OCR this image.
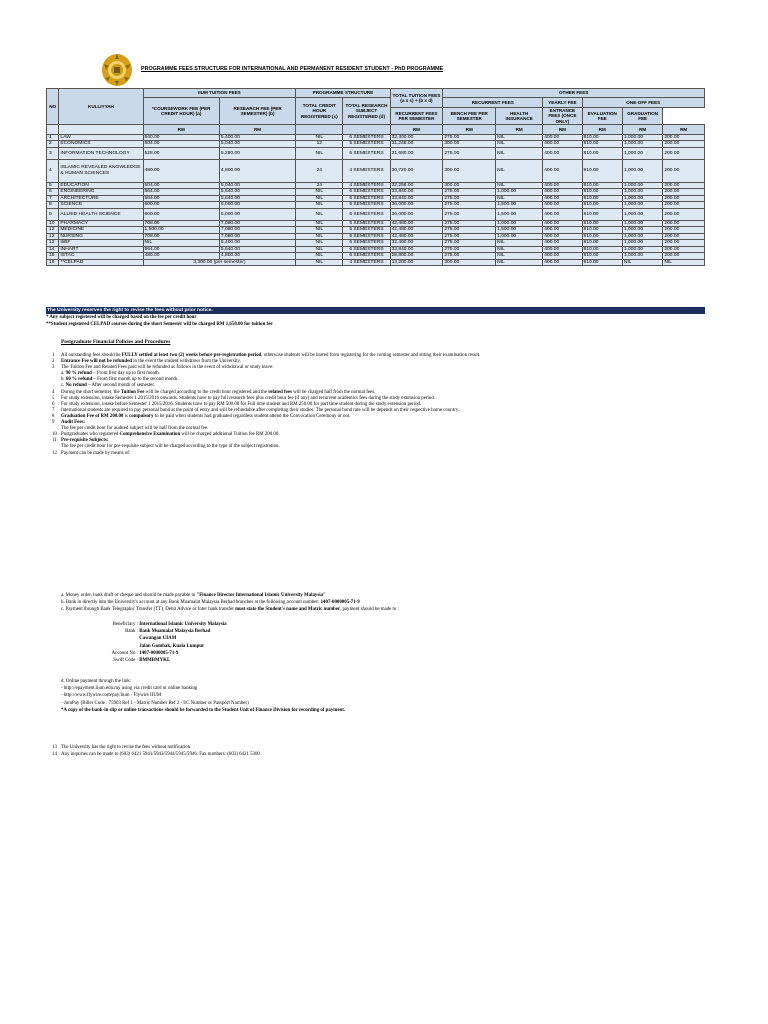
PROGRAMME FEES STRUCTURE FOR INTERNATIONAL AND PERMANENT RESIDENT STUDENT - PhD PROGRAMME
NO	KULLIYYAH	IIUM TUITION FEES		PROGRAMME STRUCTURE		TOTAL TUITION FEES (a x c) + (b x d)	OTHER FEES					
		*COURSEWORK FEE (PER CREDIT HOUR) (a)	RESEARCH FEE (PER SEMESTER) (b)	TOTAL CREDIT HOUR REGISTERED (c)	TOTAL RESEARCH SUBJECT REGISTERED (d)		RECURRENT FEES		YEARLY FEE	ONE-OFF FEES		
						RECURRENT FEES PER SEMESTER	BENCH FEE PER SEMESTER	HEALTH INSURANCE	ENTRANCE FEES (ONCE ONLY)	EVALUATION FEE	GRADUATION FEE	
		RM	RM			RM	RM	RM	RM	RM	RM	RM
1	LAW	540.00	5,400.00	NIL	6 SEMESTERS	32,400.00	275.00	NIL	400.00	810.00	1,000.00	200.00
2	ECONOMICS	504.00	5,040.00	12	5 SEMESTERS	31,248.00	300.00	NIL	400.00	810.00	1,000.00	200.00
3	INFORMATION TECHNOLOGY	528.00	5,280.00	NIL	6 SEMESTERS	31,680.00	275.00	NIL	400.00	810.00	1,000.00	200.00
4	ISLAMIC REVEALED KNOWLEDGE & HUMAN SCIENCES	480.00	4,800.00	24	4 SEMESTERS	30,720.00	300.00	NIL	400.00	910.00	1,000.00	200.00
5	EDUCATION	504.00	5,040.00	24	4 SEMESTERS	32,256.00	300.00	NIL	400.00	810.00	1,000.00	200.00
6	ENGINEERING	564.00	5,640.00	NIL	6 SEMESTERS	33,840.00	275.00	1,000.00	400.00	810.00	1,000.00	200.00
7	ARCHITECTURE	564.00	5,640.00	NIL	6 SEMESTERS	33,840.00	275.00	NIL	400.00	810.00	1,000.00	200.00
8	SCIENCE	600.00	6,000.00	NIL	6 SEMESTERS	36,000.00	275.00	1,500.00	400.00	810.00	1,000.00	200.00
9	ALLIED HEALTH SCIENCE	600.00	6,000.00	NIL	6 SEMESTERS	36,000.00	275.00	1,500.00	400.00	810.00	1,000.00	200.00
10	PHARMACY	708.00	7,080.00	NIL	6 SEMESTERS	42,480.00	275.00	1,000.00	400.00	810.00	1,000.00	200.00
12	MEDICINE	1,500.00	7,080.00	NIL	6 SEMESTERS	42,480.00	275.00	1,500.00	400.00	810.00	1,000.00	200.00
12	NURSING	708.00	7,080.00	NIL	6 SEMESTERS	42,480.00	275.00	1,000.00	400.00	810.00	1,000.00	200.00
13	IIiBF	NIL	5,400.00	NIL	6 SEMESTERS	32,400.00	275.00	NIL	400.00	810.00	1,000.00	200.00
14	INHART	564.00	5,640.00	NIL	6 SEMESTERS	33,840.00	275.00	NIL	400.00	810.00	1,000.00	200.00
15	ISTAC	480.00	4,800.00	NIL	6 SEMESTERS	28,800.00	275.00	NIL	400.00	810.00	1,000.00	200.00
16	**CELPAD	3,300.00 (per semester)		NIL	4 SEMESTERS	13,200.00	300.00	NIL	400.00	910.00	NIL	NIL
The University reserves the right to revise the fees without prior notice.
* Any subject registered will be charged based on the fee per credit hour
**Student registered CELPAD courses during the short Semester will be charged RM 1,650.00 for tuition fee
Postgraduate Financial Policies and Procedures
1 All outstanding fees should be FULLY settled at least two (2) weeks before pre-registration period, otherwise students will be barred from registering for the coming semester and sitting their examination result.
2 Entrance Fee will not be refunded in the event the student withdraws from the University.
3 The Tuition Fee and Related Fees paid will be refunded as follows in the event of withdrawal or study leave:
a. 90 % refund – From first day up to first month.
b. 60 % refund – From first month up to the second month.
c. No refund – After second month of semester.
4 During the short semester, the Tuition Fee will be charged according to the credit hour registered and the related fees will be charged half from the normal fees.
5 For study extension, intake Semester 1 2015/2016 onwards. Students have to pay full research fees plus credit hour fee (if any) and recurrent academics fees during the study extension period.
6 For study extension, intake before Semester 1 2015/2016. Students have to pay RM 500.00 for Full time student and RM 250.00 for part time student during the study extension period.
7 International students are required to pay personal bond at the point of entry and will be refundable after completing their studies. The personal bond rate will be depends on their respective home country.
8 Graduation Fee of RM 200.00 is compulsory to be paid when students had graduated regardless student attend the Convocation Ceremony or not.
9 Audit Fees:
The fee per credit hour for audited subject will be half from the normal fee.
10 Postgraduates who registered Comprehensive Examination will be charged additional Tuition fee RM 200.00.
11 Pre-requisite Subjects:
The fee per credit hour for pre-requisite subject will be charged according to the type of the subject registration.
12 Payment can be made by means of:
a. Money order, bank draft or cheque and should be made payable to "Finance Director International Islamic University Malaysia"
b. Bank in directly into the University's account at any Bank Muamalat Malaysia Berhad branches at the following account number: 1407-0000005-71-9
c. Payment through Bank Telegraphic Transfer (TT), Debit Advice or Inter bank transfer must state the Student's name and Matric number, payment should be made to :
Beneficiary : International Islamic University Malaysia
Bank : Bank Muamalat Malaysia Berhad
Cawangan UIAM
Jalan Gombak, Kuala Lumpur
Account No : 1407-0000005-71-9
Swift Code : BMMBMYKL
d. Online payment through the link:
- http://epayment.iium.edu.my using via credit card or online banking
- http://www.flywire.com/pay/iium - Flywire IIUM
- JomPay (Biller Code : 75903 Ref 1 - Matric Number Ref 2 - I/C Number or Passport Number)
*A copy of the bank-in slip or online transactions should be forwarded to the Student Unit of Finance Division for recording of payment.
13 The University has the right to revise the fees without notification.
14 Any inquiries can be made to (603) 6421 5941/5943/5944/5945/5946. Fax numbers: (603) 6421 5300
